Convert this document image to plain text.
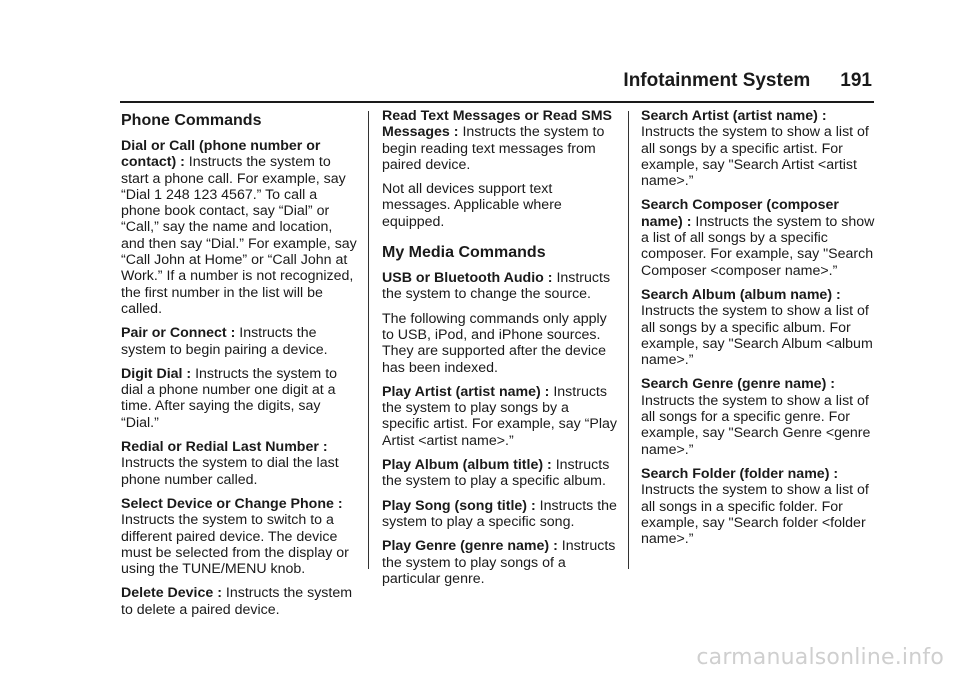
Infotainment System 191
Phone Commands

Dial or Call (phone number or contact) : Instructs the system to start a phone call. For example, say “Dial 1 248 123 4567.” To call a phone book contact, say “Dial” or “Call,” say the name and location, and then say “Dial.” For example, say “Call John at Home” or “Call John at Work.” If a number is not recognized, the first number in the list will be called.

Pair or Connect : Instructs the system to begin pairing a device.

Digit Dial : Instructs the system to dial a phone number one digit at a time. After saying the digits, say “Dial.”

Redial or Redial Last Number : Instructs the system to dial the last phone number called.

Select Device or Change Phone : Instructs the system to switch to a different paired device. The device must be selected from the display or using the TUNE/MENU knob.

Delete Device : Instructs the system to delete a paired device.

Read Text Messages or Read SMS Messages : Instructs the system to begin reading text messages from paired device.

Not all devices support text messages. Applicable where equipped.

My Media Commands

USB or Bluetooth Audio : Instructs the system to change the source.

The following commands only apply to USB, iPod, and iPhone sources. They are supported after the device has been indexed.

Play Artist (artist name) : Instructs the system to play songs by a specific artist. For example, say “Play Artist <artist name>.”

Play Album (album title) : Instructs the system to play a specific album.

Play Song (song title) : Instructs the system to play a specific song.

Play Genre (genre name) : Instructs the system to play songs of a particular genre.

Search Artist (artist name) : Instructs the system to show a list of all songs by a specific artist. For example, say "Search Artist <artist name>.”

Search Composer (composer name) : Instructs the system to show a list of all songs by a specific composer. For example, say "Search Composer <composer name>.”

Search Album (album name) : Instructs the system to show a list of all songs by a specific album. For example, say "Search Album <album name>.”

Search Genre (genre name) : Instructs the system to show a list of all songs for a specific genre. For example, say "Search Genre <genre name>.”

Search Folder (folder name) : Instructs the system to show a list of all songs in a specific folder. For example, say "Search folder <folder name>.”

carmanualsonline.info
